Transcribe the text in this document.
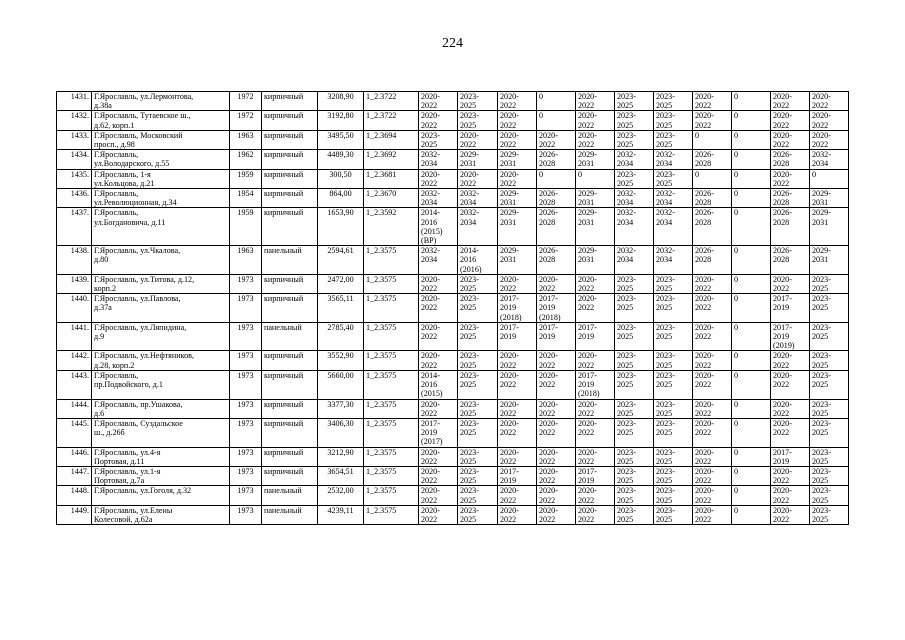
224
1431.	Г.Ярославль, ул.Лермонтова,
д.38а	1972	кирпичный	3208,90	1_2.3722	2020-
2022	2023-
2025	2020-
2022	0	2020-
2022	2023-
2025	2023-
2025	2020-
2022	0	2020-
2022	2020-
2022
1432.	Г.Ярославль, Тутаевское ш.,
д.62, корп.1	1972	кирпичный	3192,80	1_2.3722	2020-
2022	2023-
2025	2020-
2022	0	2020-
2022	2023-
2025	2023-
2025	2020-
2022	0	2020-
2022	2020-
2022
1433.	Г.Ярославль, Московский
просп., д.98	1963	кирпичный	3495,50	1_2.3694	2023-
2025	2020-
2022	2020-
2022	2020-
2022	2020-
2022	2023-
2025	2023-
2025	0	0	2020-
2022	2020-
2022
1434.	Г.Ярославль,
ул.Володарского, д.55	1962	кирпичный	4489,30	1_2.3692	2032-
2034	2029-
2031	2029-
2031	2026-
2028	2029-
2031	2032-
2034	2032-
2034	2026-
2028	0	2026-
2028	2032-
2034
1435.	Г.Ярославль, 1-я
ул.Кольцова, д.21	1959	кирпичный	300,50	1_2.3681	2020-
2022	2020-
2022	2020-
2022	0	0	2023-
2025	2023-
2025	0	0	2020-
2022	0
1436.	Г.Ярославль,
ул.Революционная, д.34	1954	кирпичный	864,00	1_2.3670	2032-
2034	2032-
2034	2029-
2031	2026-
2028	2029-
2031	2032-
2034	2032-
2034	2026-
2028	0	2026-
2028	2029-
2031
1437.	Г.Ярославль,
ул.Богдановича, д.11	1959	кирпичный	1653,90	1_2.3592	2014-
2016
(2015)
(ВР)	2032-
2034	2029-
2031	2026-
2028	2029-
2031	2032-
2034	2032-
2034	2026-
2028	0	2026-
2028	2029-
2031
1438.	Г.Ярославль, ул.Чкалова,
д.80	1963	панельный	2594,61	1_2.3575	2032-
2034	2014-
2016
(2016)	2029-
2031	2026-
2028	2029-
2031	2032-
2034	2032-
2034	2026-
2028	0	2026-
2028	2029-
2031
1439.	Г.Ярославль, ул.Титова, д.12,
корп.2	1973	кирпичный	2472,00	1_2.3575	2020-
2022	2023-
2025	2020-
2022	2020-
2022	2020-
2022	2023-
2025	2023-
2025	2020-
2022	0	2020-
2022	2023-
2025
1440.	Г.Ярославль, ул.Павлова,
д.37а	1973	кирпичный	3565,11	1_2.3575	2020-
2022	2023-
2025	2017-
2019
(2018)	2017-
2019
(2018)	2020-
2022	2023-
2025	2023-
2025	2020-
2022	0	2017-
2019	2023-
2025
1441.	Г.Ярославль, ул.Ляпидина,
д.9	1973	панельный	2785,40	1_2.3575	2020-
2022	2023-
2025	2017-
2019	2017-
2019	2017-
2019	2023-
2025	2023-
2025	2020-
2022	0	2017-
2019
(2019)	2023-
2025
1442.	Г.Ярославль, ул.Нефтяников,
д.28, корп.2	1973	кирпичный	3552,90	1_2.3575	2020-
2022	2023-
2025	2020-
2022	2020-
2022	2020-
2022	2023-
2025	2023-
2025	2020-
2022	0	2020-
2022	2023-
2025
1443.	Г.Ярославль,
пр.Подвойского, д.1	1973	кирпичный	5660,00	1_2.3575	2014-
2016
(2015)	2023-
2025	2020-
2022	2020-
2022	2017-
2019
(2018)	2023-
2025	2023-
2025	2020-
2022	0	2020-
2022	2023-
2025
1444.	Г.Ярославль, пр.Ушакова,
д.6	1973	кирпичный	3377,30	1_2.3575	2020-
2022	2023-
2025	2020-
2022	2020-
2022	2020-
2022	2023-
2025	2023-
2025	2020-
2022	0	2020-
2022	2023-
2025
1445.	Г.Ярославль, Суздальское
ш., д.26б	1973	кирпичный	3406,30	1_2.3575	2017-
2019
(2017)	2023-
2025	2020-
2022	2020-
2022	2020-
2022	2023-
2025	2023-
2025	2020-
2022	0	2020-
2022	2023-
2025
1446.	Г.Ярославль, ул.4-я
Портовая, д.11	1973	кирпичный	3212,90	1_2.3575	2020-
2022	2023-
2025	2020-
2022	2020-
2022	2020-
2022	2023-
2025	2023-
2025	2020-
2022	0	2017-
2019	2023-
2025
1447.	Г.Ярославль, ул.1-я
Портовая, д.7а	1973	кирпичный	3654,51	1_2.3575	2020-
2022	2023-
2025	2017-
2019	2020-
2022	2017-
2019	2023-
2025	2023-
2025	2020-
2022	0	2020-
2022	2023-
2025
1448.	Г.Ярославль, ул.Гоголя, д.32	1973	панельный	2532,00	1_2.3575	2020-
2022	2023-
2025	2020-
2022	2020-
2022	2020-
2022	2023-
2025	2023-
2025	2020-
2022	0	2020-
2022	2023-
2025
1449.	Г.Ярославль, ул.Елены
Колесовой, д.62а	1973	панельный	4239,11	1_2.3575	2020-
2022	2023-
2025	2020-
2022	2020-
2022	2020-
2022	2023-
2025	2023-
2025	2020-
2022	0	2020-
2022	2023-
2025
